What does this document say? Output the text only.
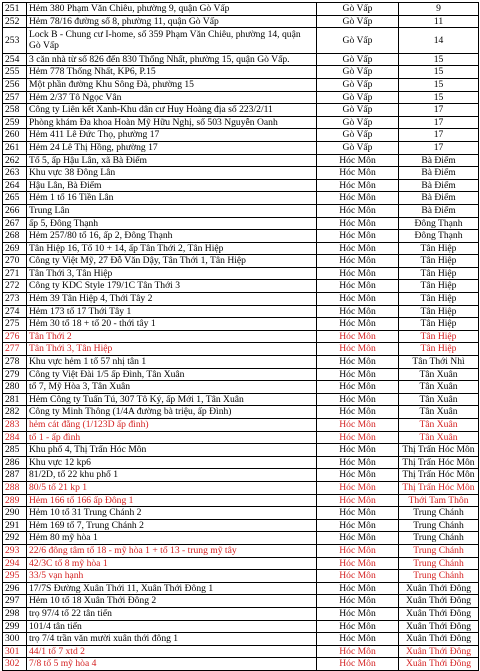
251	Hẻm 380 Phạm Văn Chiêu, phường 9, quận Gò Vấp	Gò Vấp	9
252	Hẻm 78/16 đường số 8, phường 11, quận Gò Vấp	Gò Vấp	11
253	Lock B - Chung cư I-home, số 359 Phạm Văn Chiêu, phường 14, quận Gò Vấp	Gò Vấp	14
254	3 căn nhà từ số 826 đến 830 Thống Nhất, phường 15, quận Gò Vấp.	Gò Vấp	15
255	Hẻm 778 Thống Nhất, KP6, P.15	Gò Vấp	15
256	Một phần đường Khu Sông Đà, phường 15	Gò Vấp	15
257	Hẻm 2/37 Tô Ngọc Vân	Gò Vấp	15
258	Công ty Liên kết Xanh-Khu dân cư Huy Hoàng địa số 223/2/11	Gò Vấp	17
259	Phòng khám Đa khoa Hoàn Mỹ Hữu Nghị, số 503 Nguyễn Oanh	Gò Vấp	17
260	Hẻm 411 Lê Đức Thọ, phường 17	Gò Vấp	17
261	Hẻm 24 Lê Thị Hồng, phường 17	Gò Vấp	17
262	Tổ 5, ấp Hậu Lân, xã Bà Điểm	Hóc Môn	Bà Điểm
263	Khu vực 38 Đông Lân	Hóc Môn	Bà Điểm
264	Hậu Lân, Bà Điểm	Hóc Môn	Bà Điểm
265	Hẻm 1 tổ 16 Tiền Lân	Hóc Môn	Bà Điểm
266	Trung Lân	Hóc Môn	Bà Điểm
267	ấp 5, Đông Thạnh	Hóc Môn	Đông Thạnh
268	Hẻm 257/80 tổ 16, ấp 2, Đông Thạnh	Hóc Môn	Đông Thạnh
269	Tân Hiệp 16, Tổ 10 + 14, ấp Tân Thới 2, Tân Hiệp	Hóc Môn	Tân Hiệp
270	Công ty Việt Mỹ, 27 Đỗ Văn Dậy, Tân Thới 1, Tân Hiệp	Hóc Môn	Tân Hiệp
271	Tân Thới 3, Tân Hiệp	Hóc Môn	Tân Hiệp
272	Công ty KDC Style 179/1C Tân Thới 3	Hóc Môn	Tân Hiệp
273	Hẻm 39 Tân Hiệp 4, Thới Tây 2	Hóc Môn	Tân Hiệp
274	Hẻm 173 tổ 17 Thới Tây 1	Hóc Môn	Tân Hiệp
275	Hẻm 30 tổ 18 + tổ 20 - thới tây 1	Hóc Môn	Tân Hiệp
276	Tân Thới 2	Hóc Môn	Tân Hiệp
277	Tân Thới 3, Tân Hiệp	Hóc Môn	Tân Hiệp
278	Khu vực hẻm 1 tổ 57 nhị tân 1	Hóc Môn	Tân Thới Nhì
279	Công ty Việt Đài 1/5 ấp Đình, Tân Xuân	Hóc Môn	Tân Xuân
280	tổ 7, Mỹ Hòa 3, Tân Xuân	Hóc Môn	Tân Xuân
281	Hẻm Công ty Tuấn Tú, 307 Tô Ký, ấp Mới 1, Tân Xuân	Hóc Môn	Tân Xuân
282	Công ty Minh Thông (1/4A đường bà triệu, ấp Đình)	Hóc Môn	Tân Xuân
283	hẻm cát đằng (1/123D ấp đình)	Hóc Môn	Tân Xuân
284	tổ 1 - ấp đình	Hóc Môn	Tân Xuân
285	Khu phố 4, Thị Trấn Hóc Môn	Hóc Môn	Thị Trấn Hóc Môn
286	Khu vực 12 kp6	Hóc Môn	Thị Trấn Hóc Môn
287	81/2D, tổ 22 khu phố 1	Hóc Môn	Thị Trấn Hóc Môn
288	80/5 tổ 21 kp 1	Hóc Môn	Thị Trấn Hóc Môn
289	Hẻm 166 tổ 166 ấp Đông 1	Hóc Môn	Thới Tam Thôn
290	Hẻm 10 tổ 31 Trung Chánh 2	Hóc Môn	Trung Chánh
291	Hẻm 169 tổ 7, Trung Chánh 2	Hóc Môn	Trung Chánh
292	Hẻm 80 mỹ hòa 1	Hóc Môn	Trung Chánh
293	22/6 đông tâm tổ 18 - mỹ hòa 1 + tổ 13 - trung mỹ tây	Hóc Môn	Trung Chánh
294	42/3C tổ 8 mỹ hòa 1	Hóc Môn	Trung Chánh
295	33/5 vạn hạnh	Hóc Môn	Trung Chánh
296	17/7S Đường Xuân Thới 11, Xuân Thới Đông 1	Hóc Môn	Xuân Thới Đông
297	Hẻm 10 tổ 18 Xuân Thới Đông 2	Hóc Môn	Xuân Thới Đông
298	trọ 97/4 tổ 22 tân tiến	Hóc Môn	Xuân Thới Đông
299	101/4 tân tiến	Hóc Môn	Xuân Thới Đông
300	trọ 7/4 trần văn mười xuân thới đông 1	Hóc Môn	Xuân Thới Đông
301	44/1 tổ 7 xtd 2	Hóc Môn	Xuân Thới Đông
302	7/8 tổ 5 mỹ hòa 4	Hóc Môn	Xuân Thới Đông
